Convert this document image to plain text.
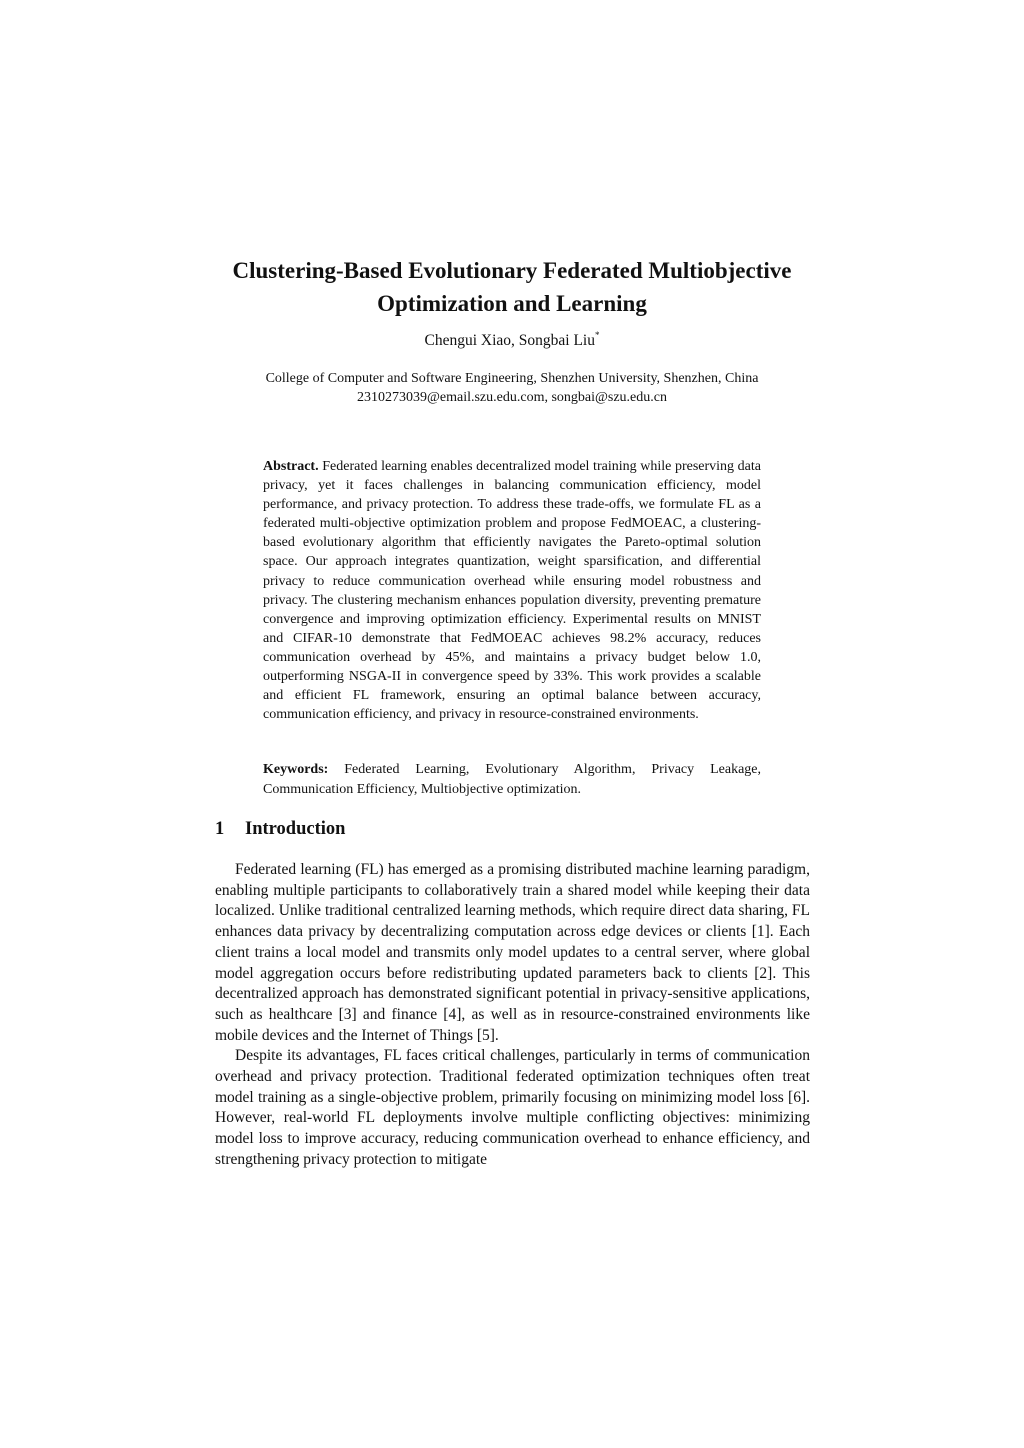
Clustering-Based Evolutionary Federated Multiobjective
Optimization and Learning
Chengui Xiao, Songbai Liu*
College of Computer and Software Engineering, Shenzhen University, Shenzhen, China
2310273039@email.szu.edu.com, songbai@szu.edu.cn

Abstract. Federated learning enables decentralized model training while preserving data privacy, yet it faces challenges in balancing communication efficiency, model performance, and privacy protection. To address these trade-offs, we formulate FL as a federated multi-objective optimization problem and propose FedMOEAC, a clustering-based evolutionary algorithm that efficiently navigates the Pareto-optimal solution space. Our approach integrates quantization, weight sparsification, and differential privacy to reduce communication overhead while ensuring model robustness and privacy. The clustering mechanism enhances population diversity, preventing premature convergence and improving optimization efficiency. Experimental results on MNIST and CIFAR-10 demonstrate that FedMOEAC achieves 98.2% accuracy, reduces communication overhead by 45%, and maintains a privacy budget below 1.0, outperforming NSGA-II in convergence speed by 33%. This work provides a scalable and efficient FL framework, ensuring an optimal balance between accuracy, communication efficiency, and privacy in resource-constrained environments.

Keywords: Federated Learning, Evolutionary Algorithm, Privacy Leakage, Communication Efficiency, Multiobjective optimization.

1 Introduction

Federated learning (FL) has emerged as a promising distributed machine learning paradigm, enabling multiple participants to collaboratively train a shared model while keeping their data localized. Unlike traditional centralized learning methods, which require direct data sharing, FL enhances data privacy by decentralizing computation across edge devices or clients [1]. Each client trains a local model and transmits only model updates to a central server, where global model aggregation occurs before redistributing updated parameters back to clients [2]. This decentralized approach has demonstrated significant potential in privacy-sensitive applications, such as healthcare [3] and finance [4], as well as in resource-constrained environments like mobile devices and the Internet of Things [5].

Despite its advantages, FL faces critical challenges, particularly in terms of communication overhead and privacy protection. Traditional federated optimization techniques often treat model training as a single-objective problem, primarily focusing on minimizing model loss [6]. However, real-world FL deployments involve multiple conflicting objectives: minimizing model loss to improve accuracy, reducing communication overhead to enhance efficiency, and strengthening privacy protection to mitigate
